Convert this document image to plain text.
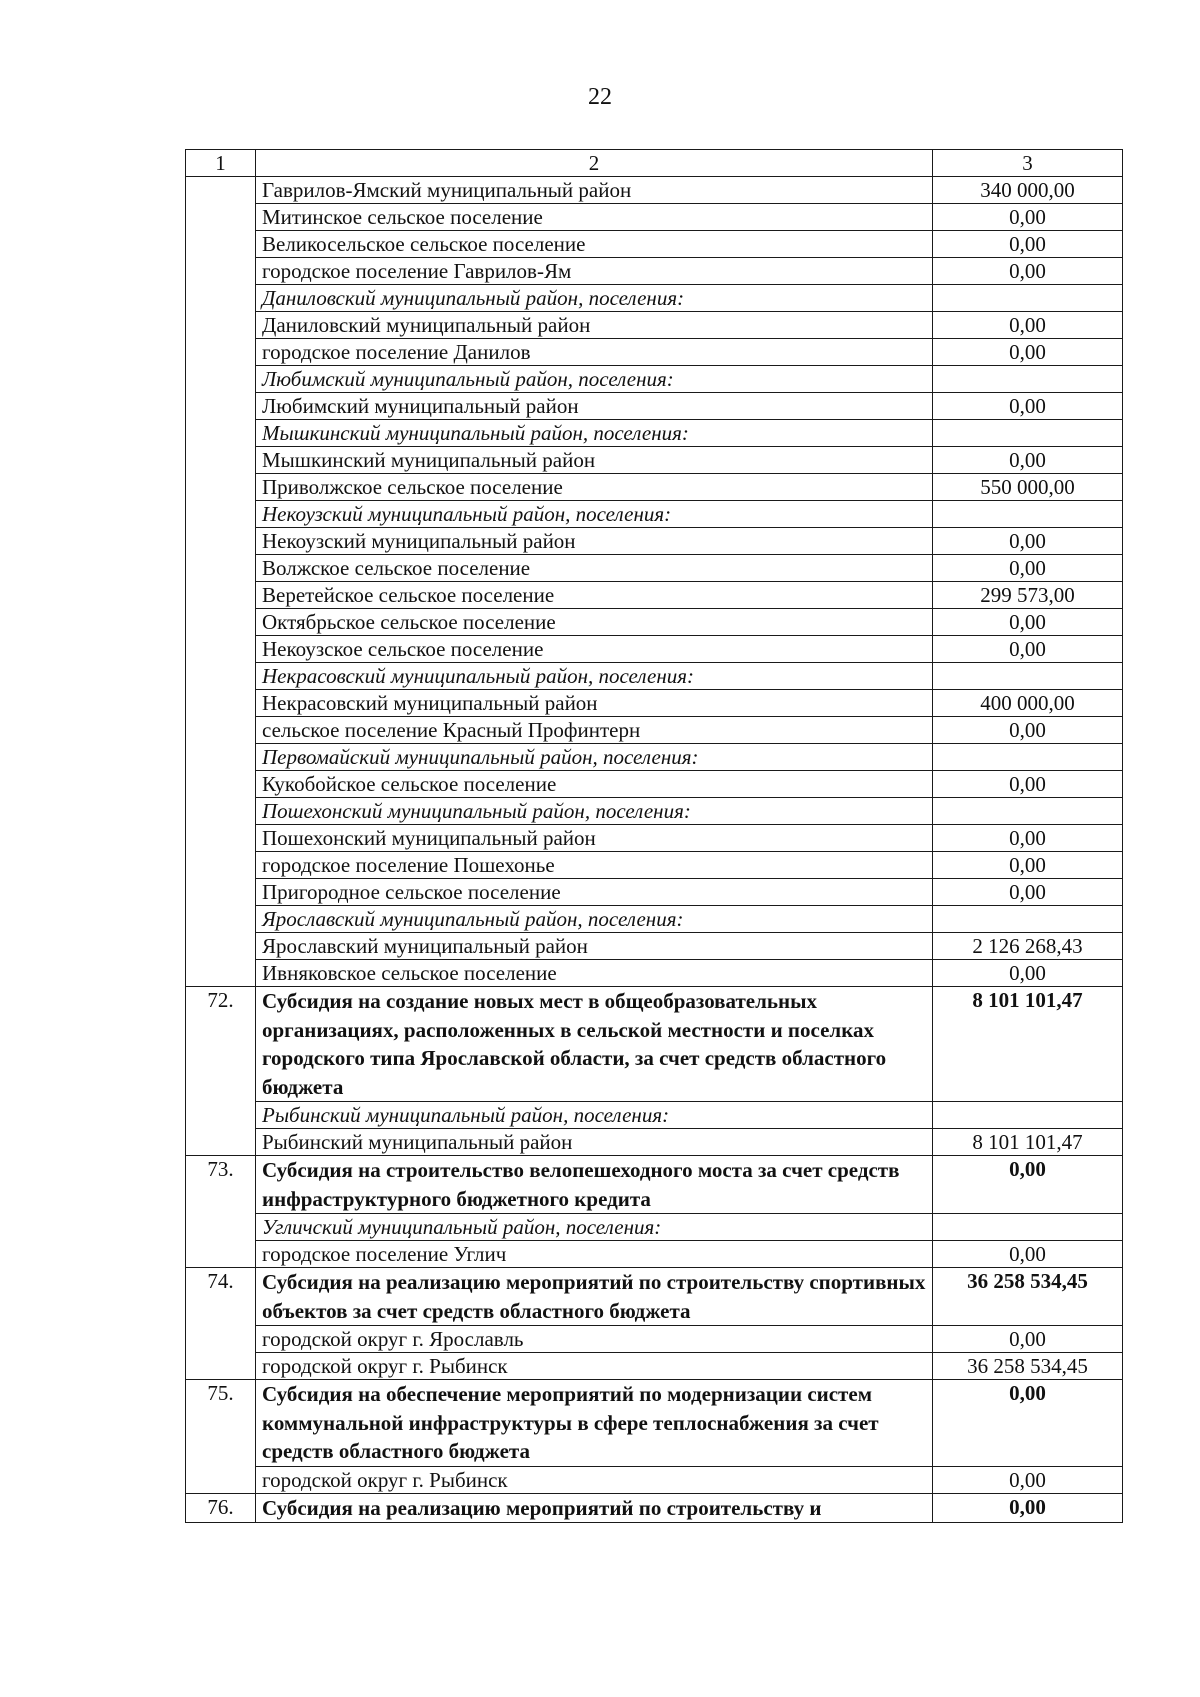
22
1	2	3
	Гаврилов-Ямский муниципальный район	340 000,00
	Митинское сельское поселение	0,00
	Великосельское сельское поселение	0,00
	городское поселение Гаврилов-Ям	0,00
	Даниловский муниципальный район, поселения:	
	Даниловский муниципальный район	0,00
	городское поселение Данилов	0,00
	Любимский муниципальный район, поселения:	
	Любимский муниципальный район	0,00
	Мышкинский муниципальный район, поселения:	
	Мышкинский муниципальный район	0,00
	Приволжское сельское поселение	550 000,00
	Некоузский муниципальный район, поселения:	
	Некоузский муниципальный район	0,00
	Волжское сельское поселение	0,00
	Веретейское сельское поселение	299 573,00
	Октябрьское сельское поселение	0,00
	Некоузское сельское поселение	0,00
	Некрасовский муниципальный район, поселения:	
	Некрасовский муниципальный район	400 000,00
	сельское поселение Красный Профинтерн	0,00
	Первомайский муниципальный район, поселения:	
	Кукобойское сельское поселение	0,00
	Пошехонский муниципальный район, поселения:	
	Пошехонский муниципальный район	0,00
	городское поселение Пошехонье	0,00
	Пригородное сельское поселение	0,00
	Ярославский муниципальный район, поселения:	
	Ярославский муниципальный район	2 126 268,43
	Ивняковское сельское поселение	0,00
72.	Субсидия на создание новых мест в общеобразовательных организациях, расположенных в сельской местности и поселках городского типа Ярославской области, за счет средств областного бюджета	8 101 101,47
	Рыбинский муниципальный район, поселения:	
	Рыбинский муниципальный район	8 101 101,47
73.	Субсидия на строительство велопешеходного моста за счет средств инфраструктурного бюджетного кредита	0,00
	Угличский муниципальный район, поселения:	
	городское поселение Углич	0,00
74.	Субсидия на реализацию мероприятий по строительству спортивных объектов за счет средств областного бюджета	36 258 534,45
	городской округ г. Ярославль	0,00
	городской округ г. Рыбинск	36 258 534,45
75.	Субсидия на обеспечение мероприятий по модернизации систем коммунальной инфраструктуры в сфере теплоснабжения за счет средств областного бюджета	0,00
	городской округ г. Рыбинск	0,00
76.	Субсидия на реализацию мероприятий по строительству и	0,00
